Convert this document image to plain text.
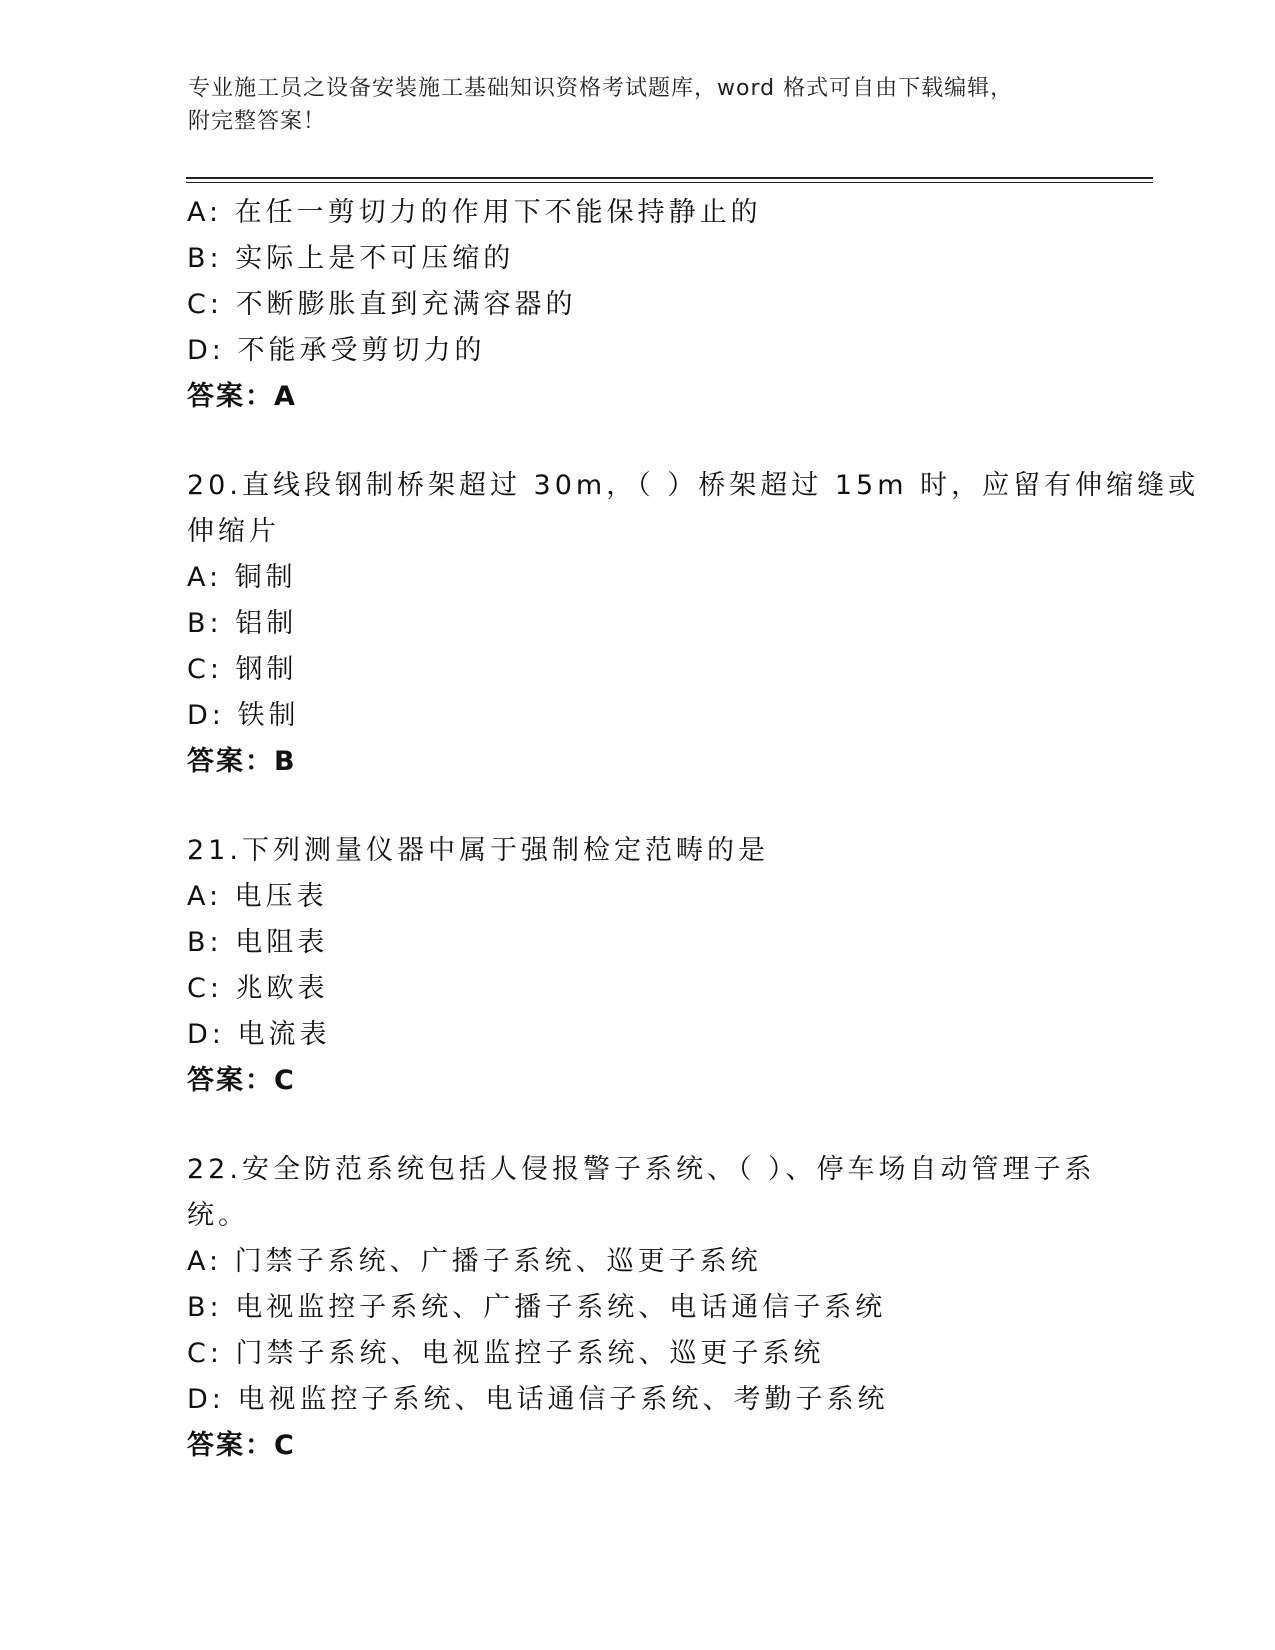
专业施工员之设备安装施工基础知识资格考试题库，word 格式可自由下载编辑，
附完整答案！
A: 在任一剪切力的作用下不能保持静止的
B: 实际上是不可压缩的
C: 不断膨胀直到充满容器的
D: 不能承受剪切力的
答案：A
20.直线段钢制桥架超过 30m，（ ）桥架超过 15m 时，应留有伸缩缝或
伸缩片
A: 铜制
B: 铝制
C: 钢制
D: 铁制
答案：B
21.下列测量仪器中属于强制检定范畴的是
A: 电压表
B: 电阻表
C: 兆欧表
D: 电流表
答案：C
22.安全防范系统包括人侵报警子系统、（ ）、停车场自动管理子系
统。
A: 门禁子系统、广播子系统、巡更子系统
B: 电视监控子系统、广播子系统、电话通信子系统
C: 门禁子系统、电视监控子系统、巡更子系统
D: 电视监控子系统、电话通信子系统、考勤子系统
答案：C
